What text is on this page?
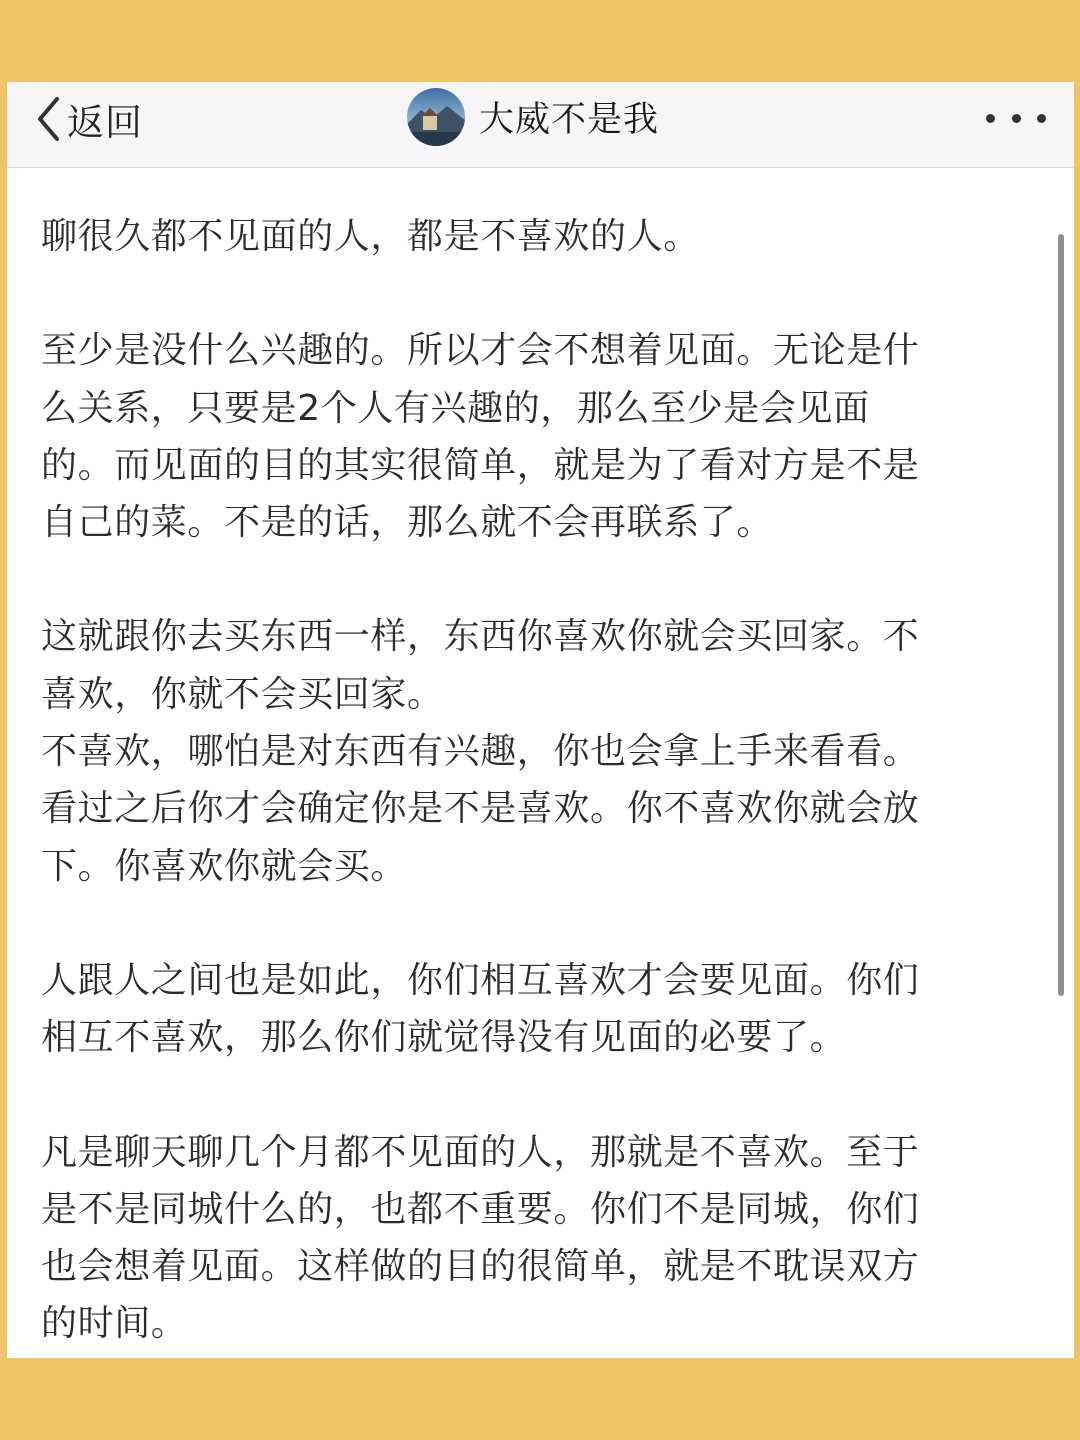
返回	大威不是我

聊很久都不见面的人，都是不喜欢的人。

至少是没什么兴趣的。所以才会不想着见面。无论是什
么关系，只要是2个人有兴趣的，那么至少是会见面
的。而见面的目的其实很简单，就是为了看对方是不是
自己的菜。不是的话，那么就不会再联系了。

这就跟你去买东西一样，东西你喜欢你就会买回家。不
喜欢，你就不会买回家。
不喜欢，哪怕是对东西有兴趣，你也会拿上手来看看。
看过之后你才会确定你是不是喜欢。你不喜欢你就会放
下。你喜欢你就会买。

人跟人之间也是如此，你们相互喜欢才会要见面。你们
相互不喜欢，那么你们就觉得没有见面的必要了。

凡是聊天聊几个月都不见面的人，那就是不喜欢。至于
是不是同城什么的，也都不重要。你们不是同城，你们
也会想着见面。这样做的目的很简单，就是不耽误双方
的时间。
